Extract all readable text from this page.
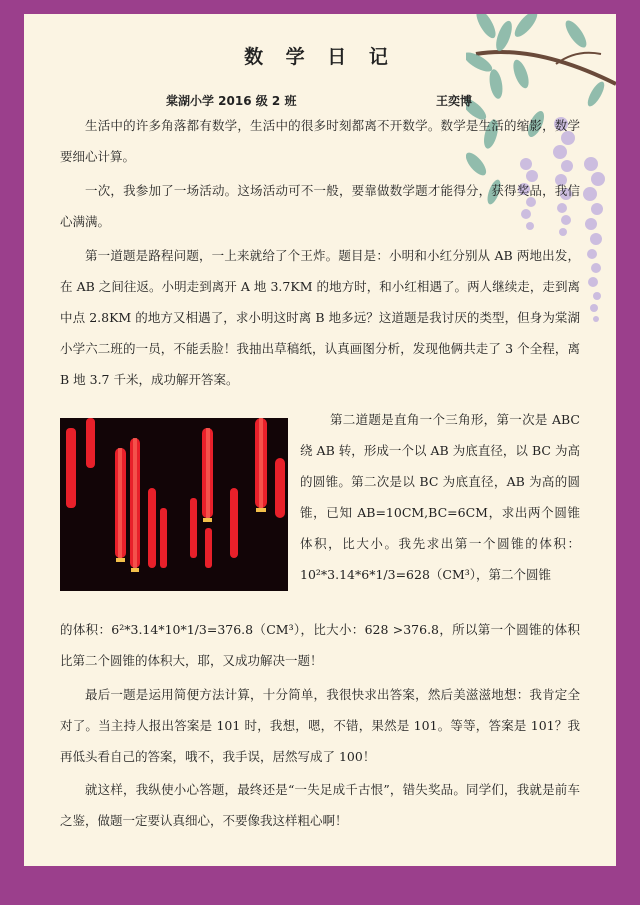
数 学 日 记
棠湖小学 2016 级 2 班	王奕博

生活中的许多角落都有数学，生活中的很多时刻都离不开数学。数学是生活的缩影，数学要细心计算。

一次，我参加了一场活动。这场活动可不一般，要靠做数学题才能得分，获得奖品，我信心满满。

第一道题是路程问题，一上来就给了个王炸。题目是：小明和小红分别从 AB 两地出发，在 AB 之间往返。小明走到离开 A 地 3.7KM 的地方时，和小红相遇了。两人继续走，走到离中点 2.8KM 的地方又相遇了，求小明这时离 B 地多远？这道题是我讨厌的类型，但身为棠湖小学六二班的一员，不能丢脸！我抽出草稿纸，认真画图分析，发现他俩共走了 3 个全程，离 B 地 3.7 千米，成功解开答案。

第二道题是直角一个三角形，第一次是 ABC 绕 AB 转，形成一个以 AB 为底直径，以 BC 为高的圆锥。第二次是以 BC 为底直径，AB 为高的圆锥，已知 AB=10CM,BC=6CM，求出两个圆锥体积，比大小。我先求出第一个圆锥的体积：10²*3.14*6*1/3=628（CM³），第二个圆锥

的体积：6²*3.14*10*1/3=376.8（CM³），比大小：628 >376.8，所以第一个圆锥的体积比第二个圆锥的体积大，耶，又成功解决一题！

最后一题是运用简便方法计算，十分简单，我很快求出答案，然后美滋滋地想：我肯定全对了。当主持人报出答案是 101 时，我想，嗯，不错，果然是 101。等等，答案是 101？我再低头看自己的答案，哦不，我手误，居然写成了 100！

就这样，我纵使小心答题，最终还是“一失足成千古恨”，错失奖品。同学们，我就是前车之鉴，做题一定要认真细心，不要像我这样粗心啊！
